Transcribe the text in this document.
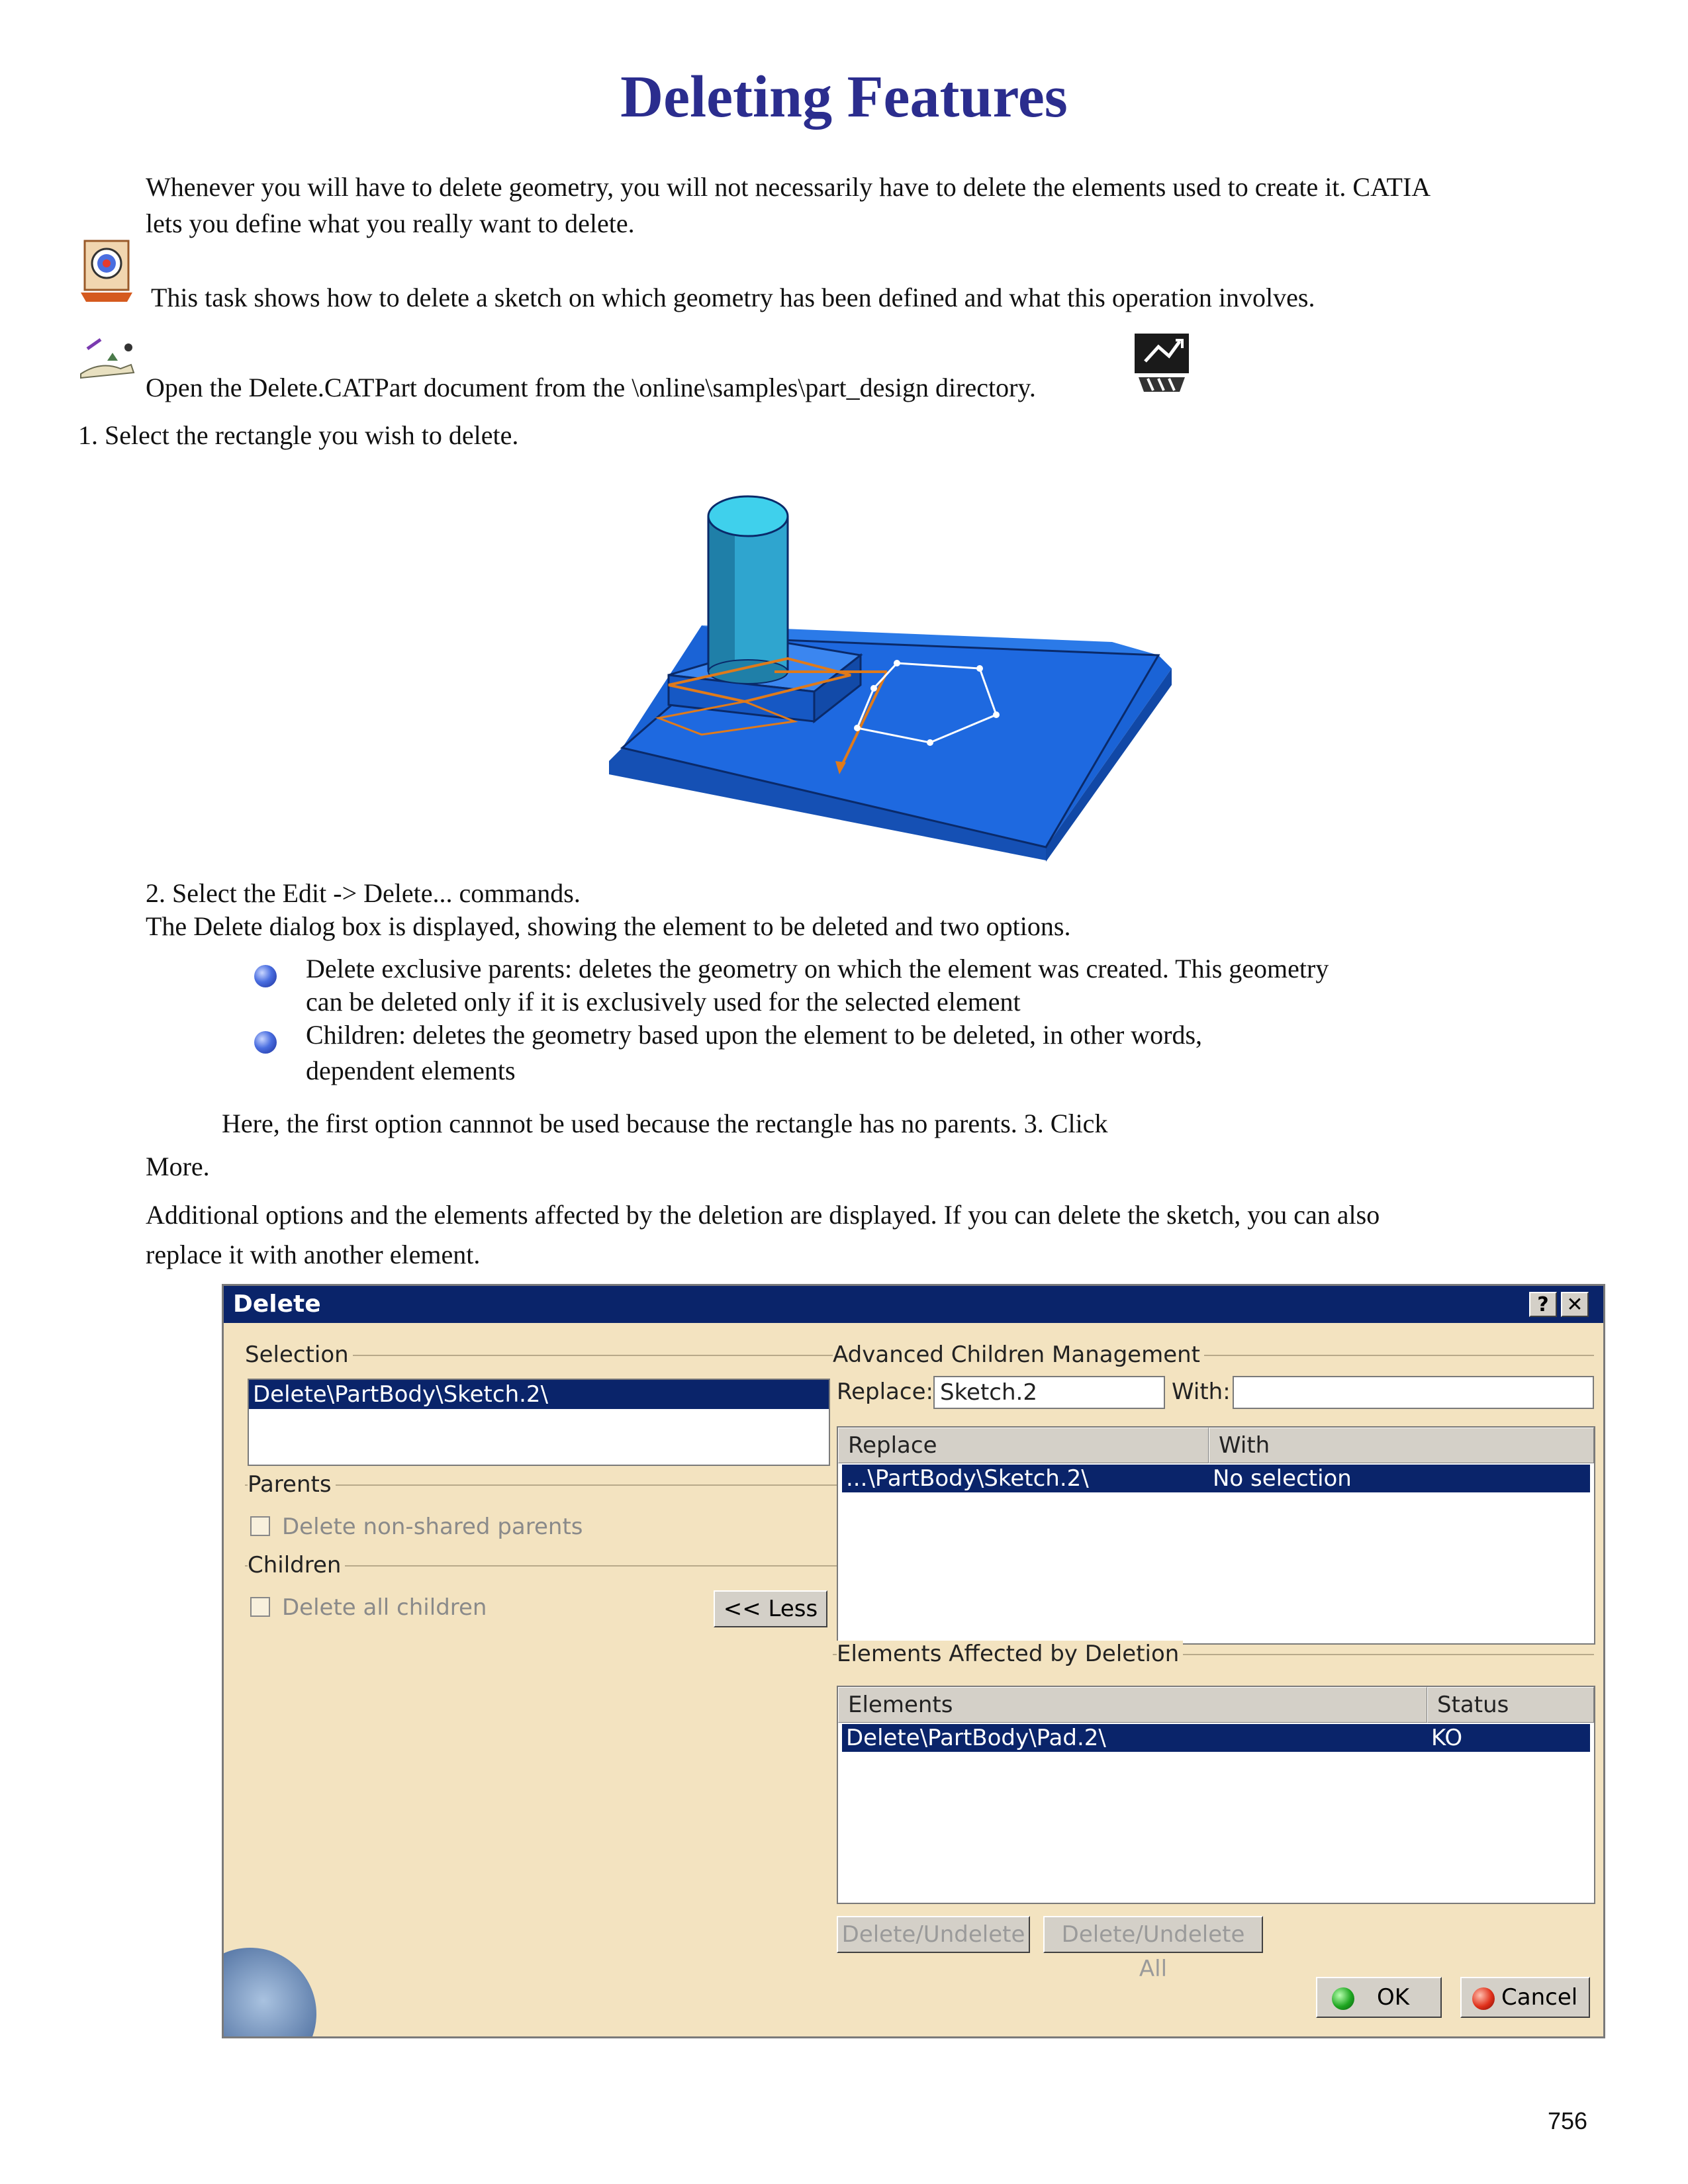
Deleting Features
Whenever you will have to delete geometry, you will not necessarily have to delete the elements used to create it. CATIA
lets you define what you really want to delete.
This task shows how to delete a sketch on which geometry has been defined and what this operation involves.
Open the Delete.CATPart document from the \online\samples\part_design directory.
1. Select the rectangle you wish to delete.
2. Select the Edit -> Delete... commands.
The Delete dialog box is displayed, showing the element to be deleted and two options.
Delete exclusive parents: deletes the geometry on which the element was created. This geometry
can be deleted only if it is exclusively used for the selected element
Children: deletes the geometry based upon the element to be deleted, in other words,
dependent elements
Here, the first option cannnot be used because the rectangle has no parents. 3. Click
More.
Additional options and the elements affected by the deletion are displayed. If you can delete the sketch, you can also
replace it with another element.
Delete	? ✕
Selection
Delete\PartBody\Sketch.2\
Parents
Delete non-shared parents
Children
Delete all children	<< Less
Advanced Children Management
Replace: Sketch.2	With:
Replace	With
...\PartBody\Sketch.2\	No selection
Elements Affected by Deletion
Elements	Status
Delete\PartBody\Pad.2\	KO
Delete/Undelete	Delete/Undelete All
OK	Cancel
756
